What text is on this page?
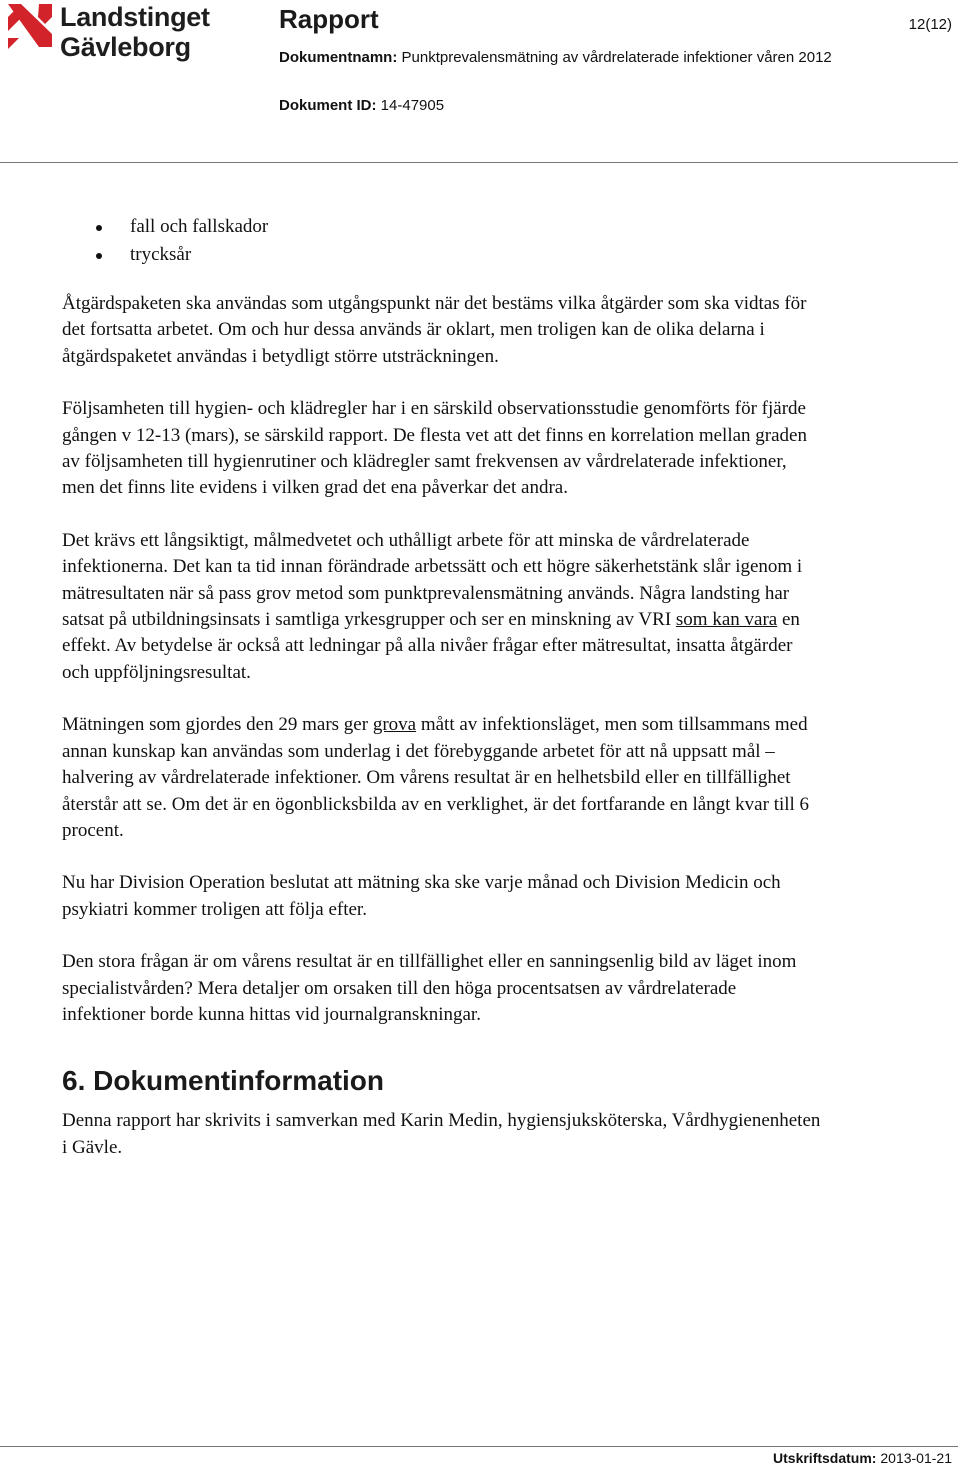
Landstinget
Gävleborg
Rapport	12(12)
Dokumentnamn: Punktprevalensmätning av vårdrelaterade infektioner våren 2012
Dokument ID: 14-47905
fall och fallskador
trycksår

Åtgärdspaketen ska användas som utgångspunkt när det bestäms vilka åtgärder som ska vidtas för det fortsatta arbetet. Om och hur dessa används är oklart, men troligen kan de olika delarna i åtgärdspaketet användas i betydligt större utsträckningen.

Följsamheten till hygien- och klädregler har i en särskild observationsstudie genomförts för fjärde gången v 12-13 (mars), se särskild rapport. De flesta vet att det finns en korrelation mellan graden av följsamheten till hygienrutiner och klädregler samt frekvensen av vårdrelaterade infektioner, men det finns lite evidens i vilken grad det ena påverkar det andra.

Det krävs ett långsiktigt, målmedvetet och uthålligt arbete för att minska de vårdrelaterade infektionerna. Det kan ta tid innan förändrade arbetssätt och ett högre säkerhetstänk slår igenom i mätresultaten när så pass grov metod som punktprevalensmätning används. Några landsting har satsat på utbildningsinsats i samtliga yrkesgrupper och ser en minskning av VRI som kan vara en effekt. Av betydelse är också att ledningar på alla nivåer frågar efter mätresultat, insatta åtgärder och uppföljningsresultat.

Mätningen som gjordes den 29 mars ger grova mått av infektionsläget, men som tillsammans med annan kunskap kan användas som underlag i det förebyggande arbetet för att nå uppsatt mål – halvering av vårdrelaterade infektioner. Om vårens resultat är en helhetsbild eller en tillfällighet återstår att se. Om det är en ögonblicksbilda av en verklighet, är det fortfarande en långt kvar till 6 procent.

Nu har Division Operation beslutat att mätning ska ske varje månad och Division Medicin och psykiatri kommer troligen att följa efter.

Den stora frågan är om vårens resultat är en tillfällighet eller en sanningsenlig bild av läget inom specialistvården? Mera detaljer om orsaken till den höga procentsatsen av vårdrelaterade infektioner borde kunna hittas vid journalgranskningar.

6. Dokumentinformation

Denna rapport har skrivits i samverkan med Karin Medin, hygiensjuksköterska, Vårdhygienenheten i Gävle.

Utskriftsdatum: 2013-01-21
